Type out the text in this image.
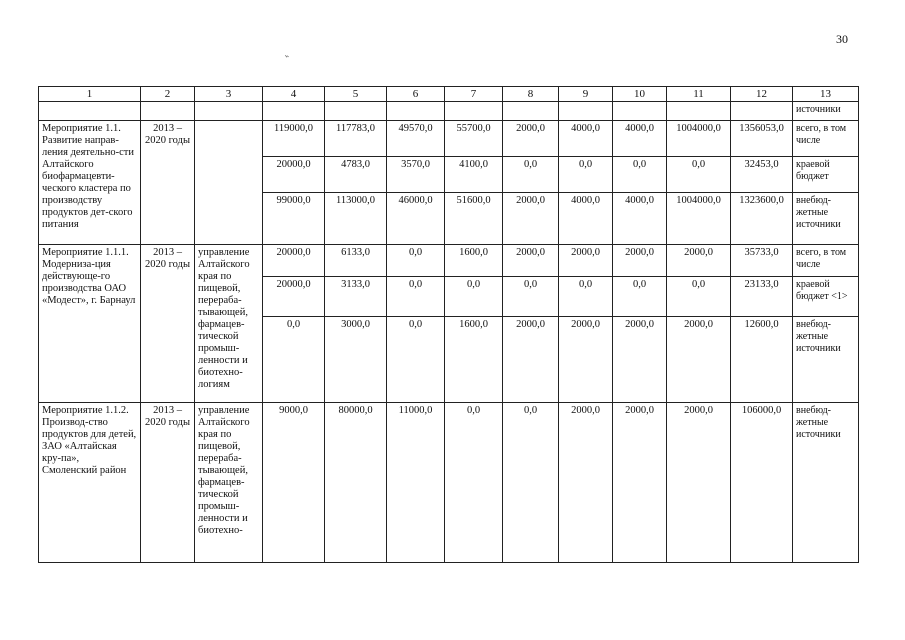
30
ᵛ̵
1	2	3	4	5	6	7	8	9	10	11	12	13
												источники
Мероприятие 1.1. Развитие направ-ления деятельно-сти Алтайского биофармацевти-ческого кластера по производству продуктов дет-ского питания	2013 – 2020 годы		119000,0	117783,0	49570,0	55700,0	2000,0	4000,0	4000,0	1004000,0	1356053,0	всего, в том числе
			20000,0	4783,0	3570,0	4100,0	0,0	0,0	0,0	0,0	32453,0	краевой бюджет
			99000,0	113000,0	46000,0	51600,0	2000,0	4000,0	4000,0	1004000,0	1323600,0	внебюд-жетные источники
Мероприятие 1.1.1. Модерниза-ция действующе-го производства ОАО «Модест», г. Барнаул	2013 – 2020 годы	управление Алтайского края по пищевой, перераба-тывающей, фармацев-тической промыш-ленности и биотехно-логиям	20000,0	6133,0	0,0	1600,0	2000,0	2000,0	2000,0	2000,0	35733,0	всего, в том числе
			20000,0	3133,0	0,0	0,0	0,0	0,0	0,0	0,0	23133,0	краевой бюджет <1>
			0,0	3000,0	0,0	1600,0	2000,0	2000,0	2000,0	2000,0	12600,0	внебюд-жетные источники
Мероприятие 1.1.2. Производ-ство продуктов для детей, ЗАО «Алтайская кру-па», Смоленский район	2013 – 2020 годы	управление Алтайского края по пищевой, перераба-тывающей, фармацев-тической промыш-ленности и биотехно-	9000,0	80000,0	11000,0	0,0	0,0	2000,0	2000,0	2000,0	106000,0	внебюд-жетные источники
